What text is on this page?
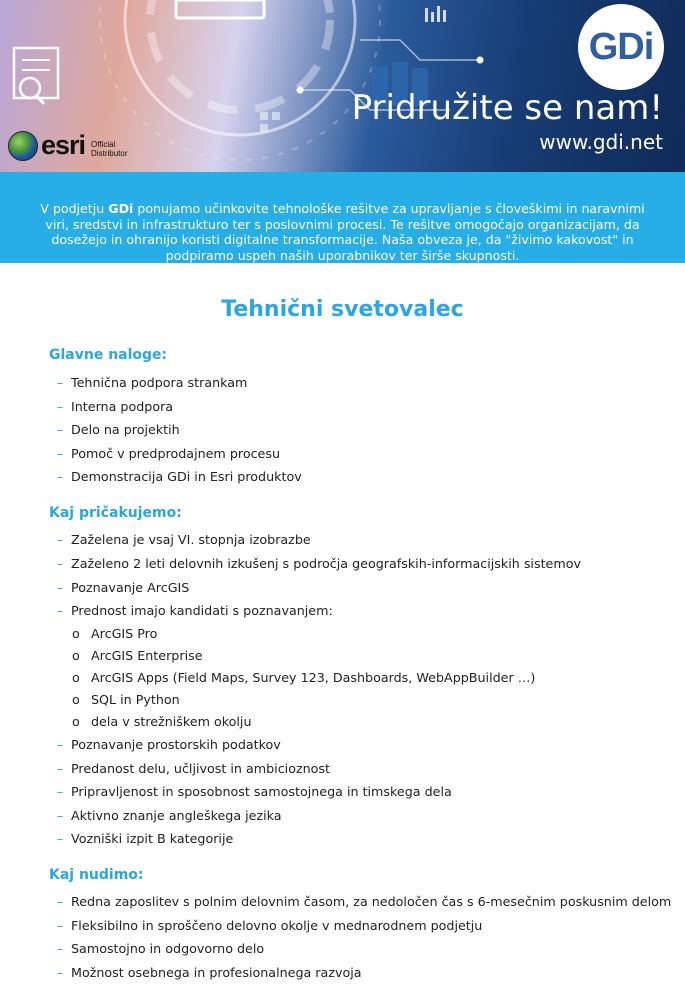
GDi
Pridružite se nam!
www.gdi.net
esri Official
Distributor
V podjetju GDi ponujamo učinkovite tehnološke rešitve za upravljanje s človeškimi in naravnimi viri, sredstvi in infrastrukturo ter s poslovnimi procesi. Te rešitve omogočajo organizacijam, da dosežejo in ohranijo koristi digitalne transformacije. Naša obveza je, da "živimo kakovost" in podpiramo uspeh naših uporabnikov ter širše skupnosti.
Tehnični svetovalec
Glavne naloge:
– Tehnična podpora strankam
– Interna podpora
– Delo na projektih
– Pomoč v predprodajnem procesu
– Demonstracija GDi in Esri produktov
Kaj pričakujemo:
– Zaželena je vsaj VI. stopnja izobrazbe
– Zaželeno 2 leti delovnih izkušenj s področja geografskih-informacijskih sistemov
– Poznavanje ArcGIS
– Prednost imajo kandidati s poznavanjem:
o ArcGIS Pro
o ArcGIS Enterprise
o ArcGIS Apps (Field Maps, Survey 123, Dashboards, WebAppBuilder …)
o SQL in Python
o dela v strežniškem okolju
– Poznavanje prostorskih podatkov
– Predanost delu, učljivost in ambicioznost
– Pripravljenost in sposobnost samostojnega in timskega dela
– Aktivno znanje angleškega jezika
– Vozniški izpit B kategorije
Kaj nudimo:
– Redna zaposlitev s polnim delovnim časom, za nedoločen čas s 6-mesečnim poskusnim delom
– Fleksibilno in sproščeno delovno okolje v mednarodnem podjetju
– Samostojno in odgovorno delo
– Možnost osebnega in profesionalnega razvoja
